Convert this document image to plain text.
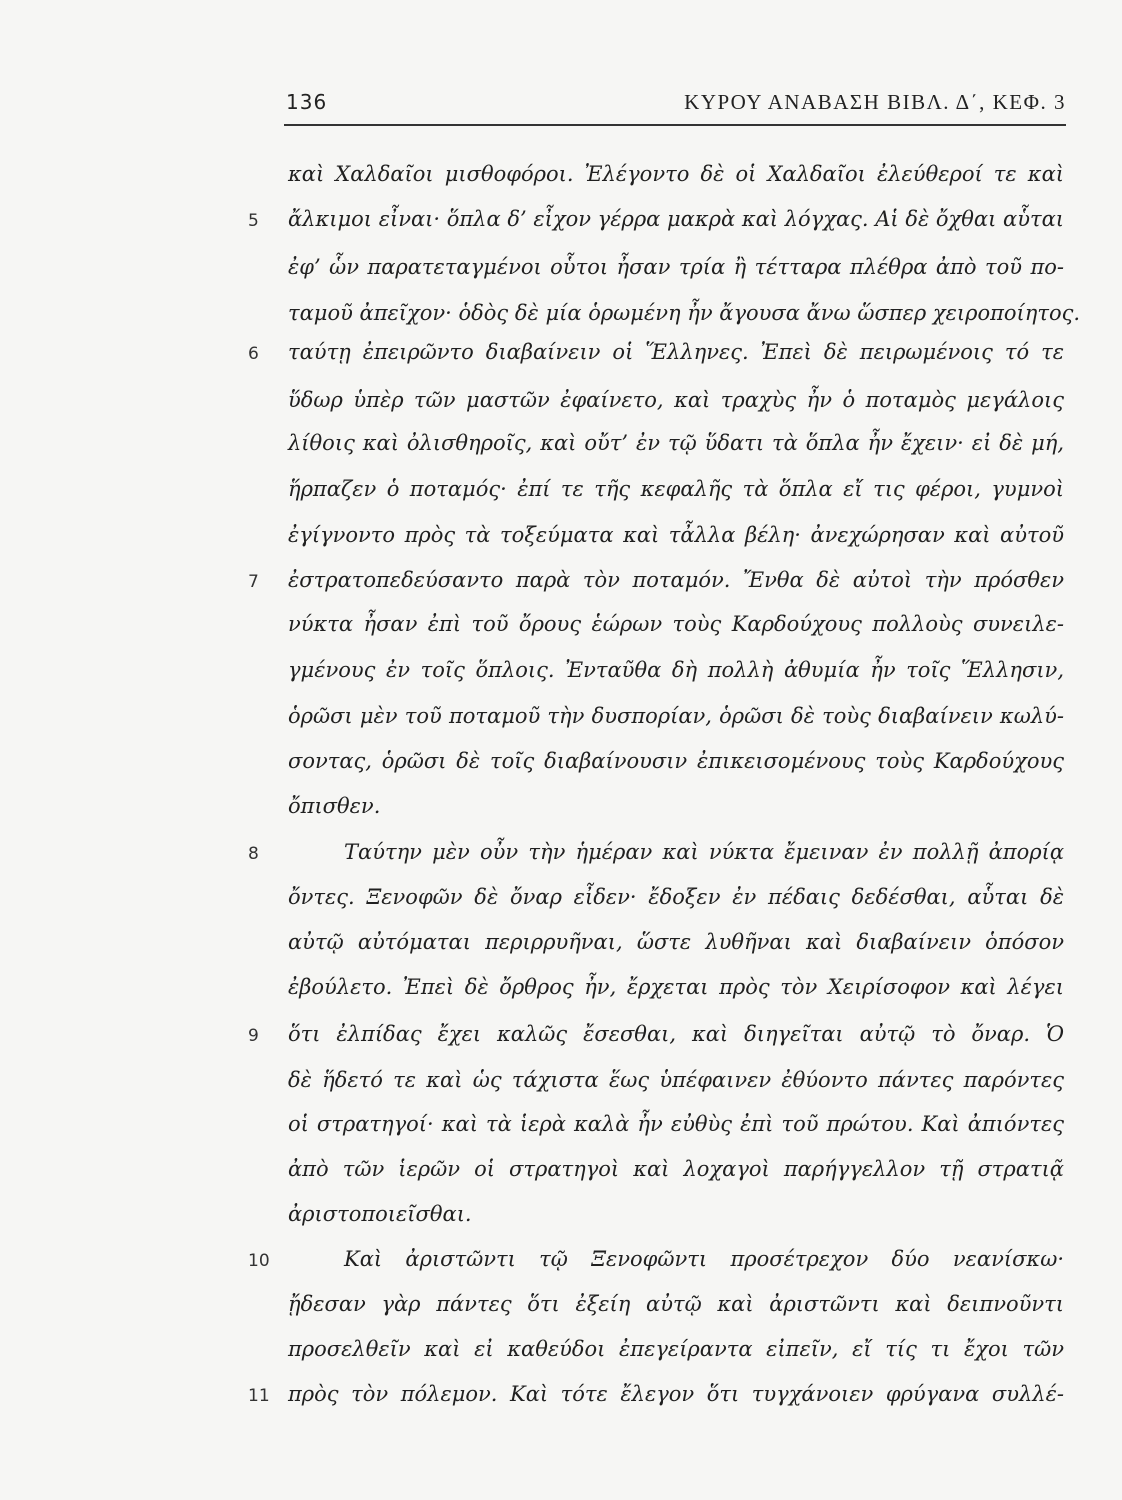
136	ΚΥΡΟΥ ΑΝΑΒΑΣΗ ΒΙΒΛ. Δ΄, ΚΕΦ. 3
καὶ Χαλδαῖοι μισθοφόροι. Ἐλέγοντο δὲ οἱ Χαλδαῖοι ἐλεύθεροί τε καὶ
ἄλκιμοι εἶναι· ὅπλα δ’ εἶχον γέρρα μακρὰ καὶ λόγχας. Αἱ δὲ ὄχθαι αὗται
ἐφ’ ὧν παρατεταγμένοι οὗτοι ἦσαν τρία ἢ τέτταρα πλέθρα ἀπὸ τοῦ πο-
ταμοῦ ἀπεῖχον· ὁδὸς δὲ μία ὁρωμένη ἦν ἄγουσα ἄνω ὥσπερ χειροποίητος.
ταύτῃ ἐπειρῶντο διαβαίνειν οἱ Ἕλληνες. Ἐπεὶ δὲ πειρωμένοις τό τε
ὕδωρ ὑπὲρ τῶν μαστῶν ἐφαίνετο, καὶ τραχὺς ἦν ὁ ποταμὸς μεγάλοις
λίθοις καὶ ὀλισθηροῖς, καὶ οὔτ’ ἐν τῷ ὕδατι τὰ ὅπλα ἦν ἔχειν· εἰ δὲ μή,
ἥρπαζεν ὁ ποταμός· ἐπί τε τῆς κεφαλῆς τὰ ὅπλα εἴ τις φέροι, γυμνοὶ
ἐγίγνοντο πρὸς τὰ τοξεύματα καὶ τἆλλα βέλη· ἀνεχώρησαν καὶ αὐτοῦ
ἐστρατοπεδεύσαντο παρὰ τὸν ποταμόν. Ἔνθα δὲ αὐτοὶ τὴν πρόσθεν
νύκτα ἦσαν ἐπὶ τοῦ ὄρους ἑώρων τοὺς Καρδούχους πολλοὺς συνειλε-
γμένους ἐν τοῖς ὅπλοις. Ἐνταῦθα δὴ πολλὴ ἀθυμία ἦν τοῖς Ἕλλησιν,
ὁρῶσι μὲν τοῦ ποταμοῦ τὴν δυσπορίαν, ὁρῶσι δὲ τοὺς διαβαίνειν κωλύ-
σοντας, ὁρῶσι δὲ τοῖς διαβαίνουσιν ἐπικεισομένους τοὺς Καρδούχους
ὄπισθεν.
Ταύτην μὲν οὖν τὴν ἡμέραν καὶ νύκτα ἔμειναν ἐν πολλῇ ἀπορίᾳ
ὄντες. Ξενοφῶν δὲ ὄναρ εἶδεν· ἔδοξεν ἐν πέδαις δεδέσθαι, αὗται δὲ
αὐτῷ αὐτόμαται περιρρυῆναι, ὥστε λυθῆναι καὶ διαβαίνειν ὁπόσον
ἐβούλετο. Ἐπεὶ δὲ ὄρθρος ἦν, ἔρχεται πρὸς τὸν Χειρίσοφον καὶ λέγει
ὅτι ἐλπίδας ἔχει καλῶς ἔσεσθαι, καὶ διηγεῖται αὐτῷ τὸ ὄναρ. Ὁ
δὲ ἥδετό τε καὶ ὡς τάχιστα ἕως ὑπέφαινεν ἐθύοντο πάντες παρόντες
οἱ στρατηγοί· καὶ τὰ ἱερὰ καλὰ ἦν εὐθὺς ἐπὶ τοῦ πρώτου. Καὶ ἀπιόντες
ἀπὸ τῶν ἱερῶν οἱ στρατηγοὶ καὶ λοχαγοὶ παρήγγελλον τῇ στρατιᾷ
ἀριστοποιεῖσθαι.
Καὶ ἀριστῶντι τῷ Ξενοφῶντι προσέτρεχον δύο νεανίσκω·
ᾔδεσαν γὰρ πάντες ὅτι ἐξείη αὐτῷ καὶ ἀριστῶντι καὶ δειπνοῦντι
προσελθεῖν καὶ εἰ καθεύδοι ἐπεγείραντα εἰπεῖν, εἴ τίς τι ἔχοι τῶν
πρὸς τὸν πόλεμον. Καὶ τότε ἔλεγον ὅτι τυγχάνοιεν φρύγανα συλλέ-
5
6
7
8
9
10
11
